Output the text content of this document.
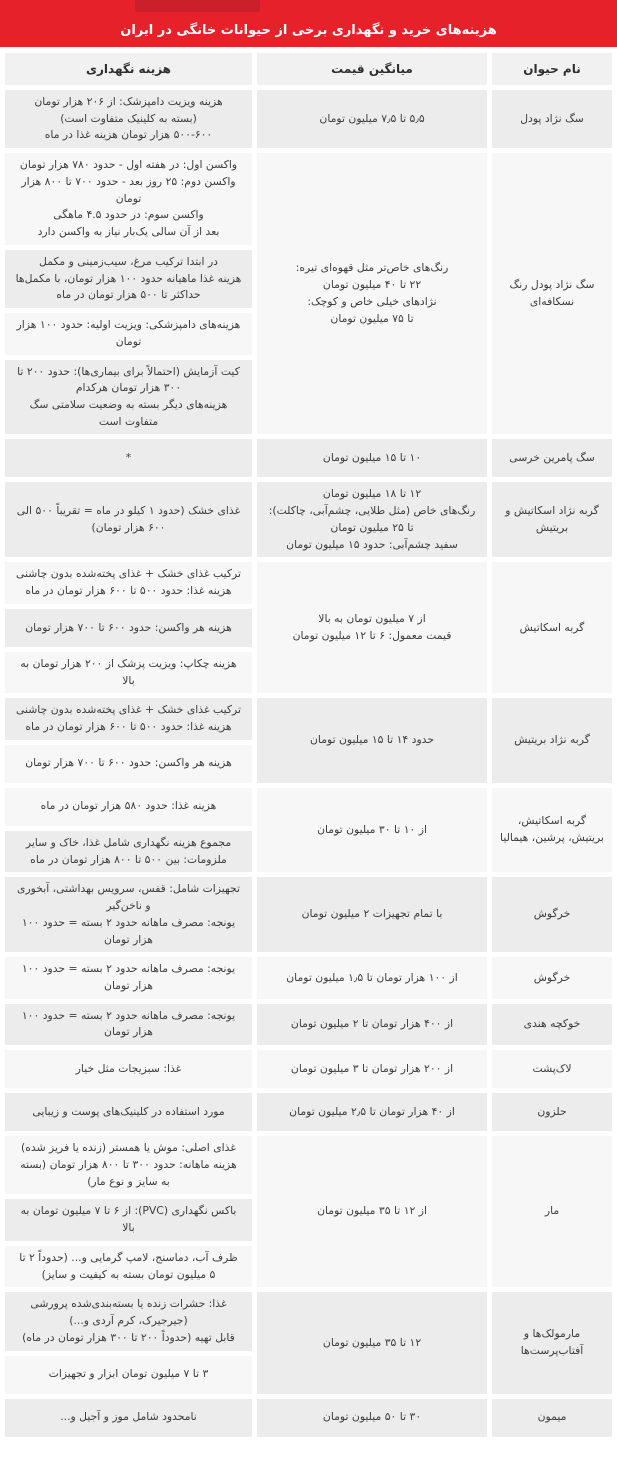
هزینه‌های خرید و نگهداری برخی از حیوانات خانگی در ایران
نام حیوان
میانگین قیمت
هزینه نگهداری
سگ نژاد پودل
۵٫۵ تا ۷٫۵ میلیون تومان
هزینه ویزیت دامپزشک: از ۲۰۶ هزار تومان
(بسته به کلینیک متفاوت است)
۵۰۰-۶۰۰ هزار تومان هزینه غذا در ماه
سگ نژاد پودل رنگ نسکافه‌ای
رنگ‌های خاص‌تر مثل قهوه‌ای تیره:
۲۲ تا ۴۰ میلیون تومان
نژادهای خیلی خاص و کوچک:
تا ۷۵ میلیون تومان
واکسن اول: در هفته اول - حدود ۷۸۰ هزار تومان
واکسن دوم: ۲۵ روز بعد - حدود ۷۰۰ تا ۸۰۰ هزار تومان
واکسن سوم: در حدود ۴.۵ ماهگی
بعد از آن سالی یک‌بار نیاز به واکسن دارد
در ابتدا ترکیب مرغ، سیب‌زمینی و مکمل
هزینه غذا ماهیانه حدود ۱۰۰ هزار تومان، با مکمل‌ها حداکثر تا ۵۰۰ هزار تومان در ماه
هزینه‌های دامپزشکی: ویزیت اولیه: حدود ۱۰۰ هزار تومان
کیت آزمایش (احتمالاً برای بیماری‌ها): حدود ۲۰۰ تا ۳۰۰ هزار تومان هرکدام
هزینه‌های دیگر بسته به وضعیت سلامتی سگ متفاوت است
سگ پامرین خرسی
۱۰ تا ۱۵ میلیون تومان
*
گربه نژاد اسکاتیش و بریتیش
۱۲ تا ۱۸ میلیون تومان
رنگ‌های خاص (مثل طلایی، چشم‌آبی، چاکلت):
تا ۲۵ میلیون تومان
سفید چشم‌آبی: حدود ۱۵ میلیون تومان
غذای خشک (حدود ۱ کیلو در ماه = تقریباً ۵۰۰ الی ۶۰۰ هزار تومان)
گربه اسکاتیش
از ۷ میلیون تومان به بالا
قیمت معمول: ۶ تا ۱۲ میلیون تومان
ترکیب غذای خشک + غذای پخته‌شده بدون چاشنی
هزینه غذا: حدود ۵۰۰ تا ۶۰۰ هزار تومان در ماه
هزینه هر واکسن: حدود ۶۰۰ تا ۷۰۰ هزار تومان
هزینه چکاپ: ویزیت پزشک از ۲۰۰ هزار تومان به بالا
گربه نژاد بریتیش
حدود ۱۴ تا ۱۵ میلیون تومان
ترکیب غذای خشک + غذای پخته‌شده بدون چاشنی
هزینه غذا: حدود ۵۰۰ تا ۶۰۰ هزار تومان در ماه
هزینه هر واکسن: حدود ۶۰۰ تا ۷۰۰ هزار تومان
گربه اسکاتیش، بریتیش، پرشین، هیمالیا
از ۱۰ تا ۳۰ میلیون تومان
هزینه غذا: حدود ۵۸۰ هزار تومان در ماه
مجموع هزینه نگهداری شامل غذا، خاک و سایر ملزومات: بین ۵۰۰ تا ۸۰۰ هزار تومان در ماه
خرگوش
با تمام تجهیزات ۲ میلیون تومان
تجهیزات شامل: قفس، سرویس بهداشتی، آبخوری و ناخن‌گیر
یونجه: مصرف ماهانه حدود ۲ بسته = حدود ۱۰۰ هزار تومان
خرگوش
از ۱۰۰ هزار تومان تا ۱٫۵ میلیون تومان
یونجه: مصرف ماهانه حدود ۲ بسته = حدود ۱۰۰ هزار تومان
خوکچه هندی
از ۴۰۰ هزار تومان تا ۲ میلیون تومان
یونجه: مصرف ماهانه حدود ۲ بسته = حدود ۱۰۰ هزار تومان
لاک‌پشت
از ۲۰۰ هزار تومان تا ۳ میلیون تومان
غذا: سبزیجات مثل خیار
حلزون
از ۴۰ هزار تومان تا ۲٫۵ میلیون تومان
مورد استفاده در کلینیک‌های پوست و زیبایی
مار
از ۱۲ تا ۳۵ میلیون تومان
غذای اصلی: موش یا همستر (زنده یا فریز شده)
هزینه ماهانه: حدود ۳۰۰ تا ۸۰۰ هزار تومان (بسته به سایز و نوع مار)
باکس نگهداری (PVC): از ۶ تا ۷ میلیون تومان به بالا
ظرف آب، دماسنج، لامپ گرمایی و... (حدوداً ۲ تا ۵ میلیون تومان بسته به کیفیت و سایز)
مارمولک‌ها و آفتاب‌پرست‌ها
۱۲ تا ۳۵ میلیون تومان
غذا: حشرات زنده یا بسته‌بندی‌شده پرورشی (جیرجیرک، کرم آردی و...)
قابل تهیه (حدوداً ۲۰۰ تا ۳۰۰ هزار تومان در ماه)
۳ تا ۷ میلیون تومان ابزار و تجهیزات
میمون
۳۰ تا ۵۰ میلیون تومان
نامحدود شامل موز و آجیل و...
